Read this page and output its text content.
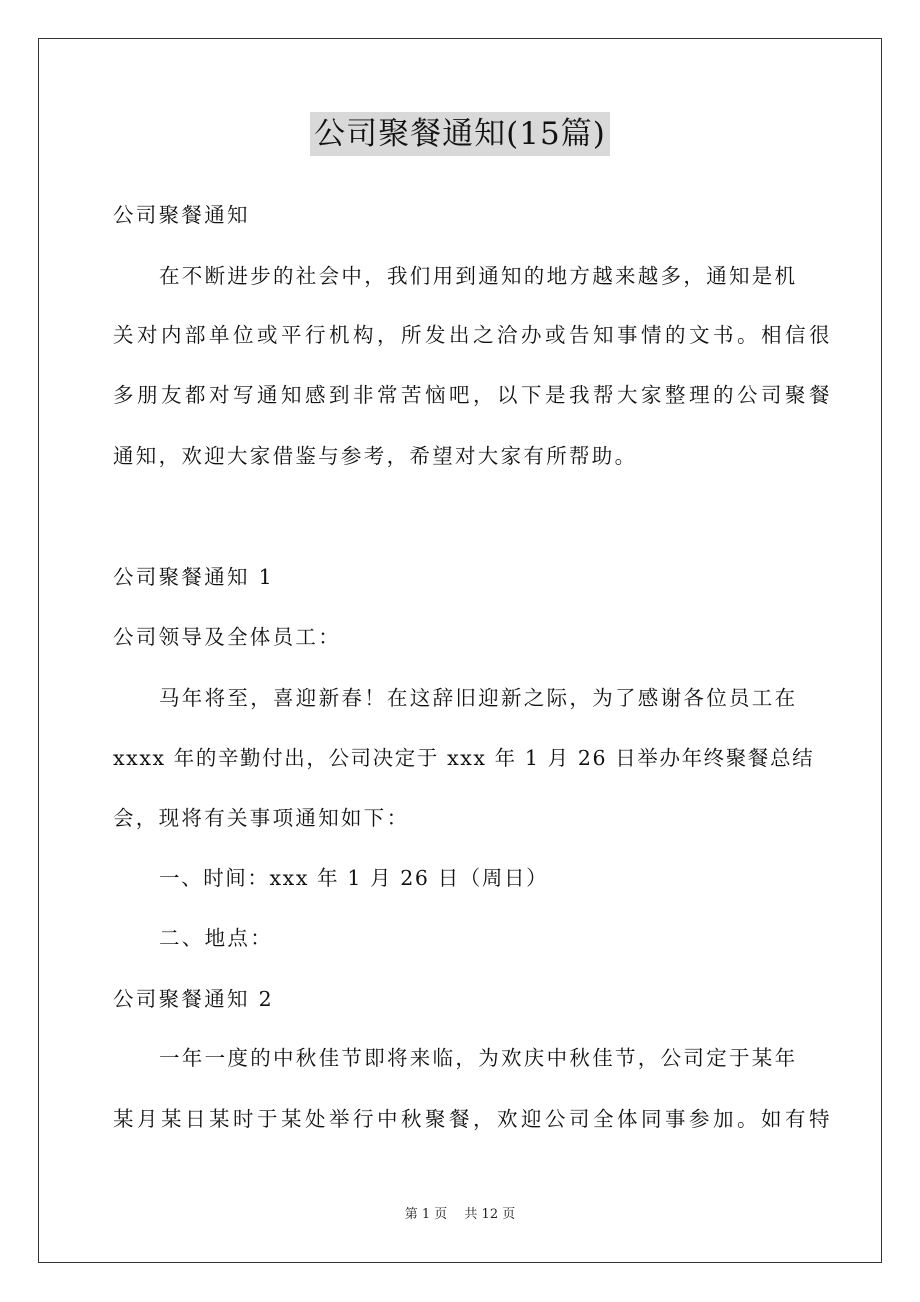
公司聚餐通知(15篇)
公司聚餐通知
在不断进步的社会中，我们用到通知的地方越来越多，通知是机
关对内部单位或平行机构，所发出之洽办或告知事情的文书。相信很
多朋友都对写通知感到非常苦恼吧，以下是我帮大家整理的公司聚餐
通知，欢迎大家借鉴与参考，希望对大家有所帮助。
公司聚餐通知 1
公司领导及全体员工：
马年将至，喜迎新春！在这辞旧迎新之际，为了感谢各位员工在
xxxx 年的辛勤付出，公司决定于 xxx 年 1 月 26 日举办年终聚餐总结
会，现将有关事项通知如下：
一、时间：xxx 年 1 月 26 日（周日）
二、地点：
公司聚餐通知 2
一年一度的中秋佳节即将来临，为欢庆中秋佳节，公司定于某年
某月某日某时于某处举行中秋聚餐，欢迎公司全体同事参加。如有特
第 1 页　 共 12 页
